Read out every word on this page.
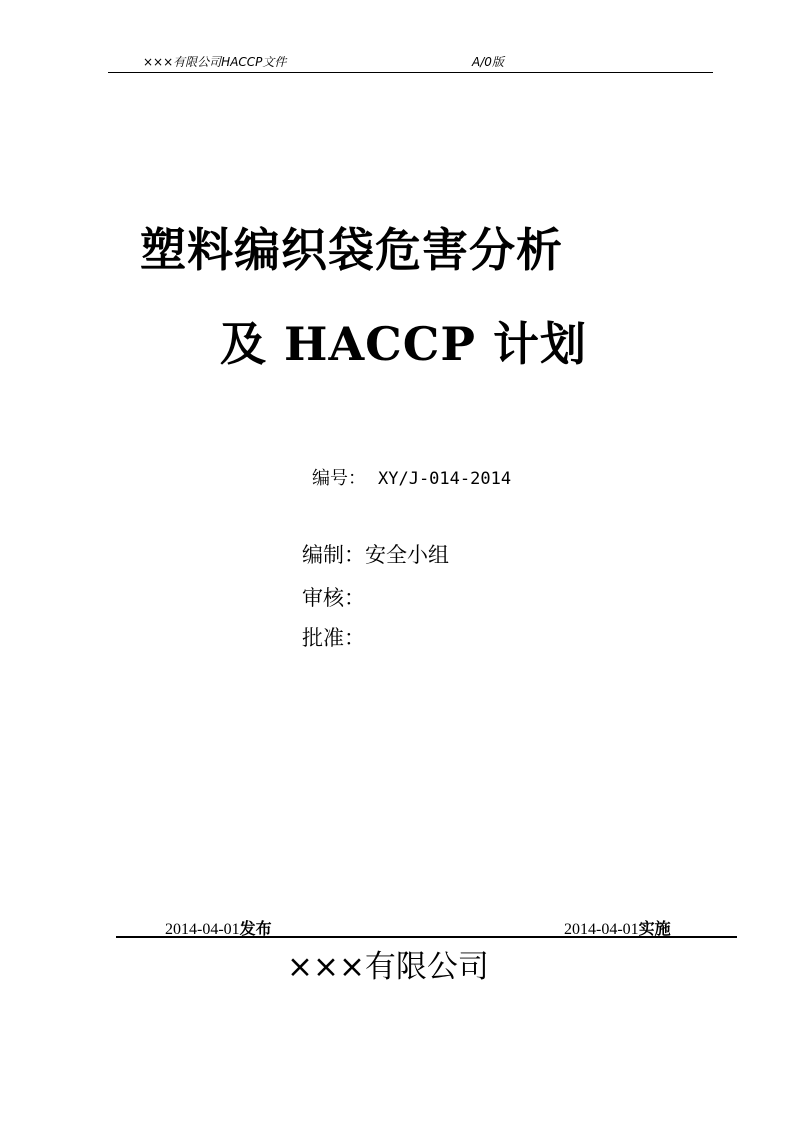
×××有限公司HACCP文件	A/0版
塑料编织袋危害分析
及 HACCP 计划
编号： XY/J-014-2014
编制：安全小组
审核：
批准：
2014-04-01发布	2014-04-01实施
×××有限公司
